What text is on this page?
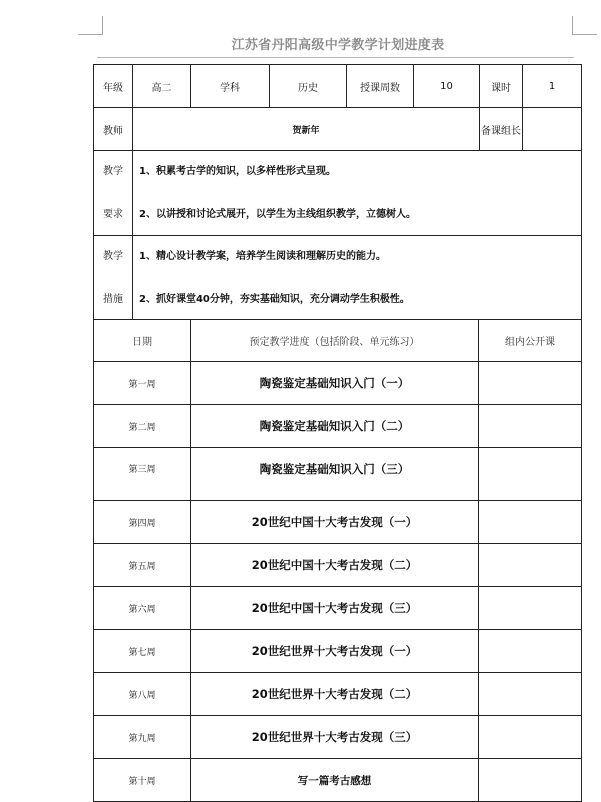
江苏省丹阳高级中学教学计划进度表
年级	高二	学科	历史	授课周数	10	课时	1
教师	贺新年					备课组长	

教学
要求	1、积累考古学的知识，以多样性形式呈现。
2、以讲授和讨论式展开，以学生为主线组织教学，立德树人。						

教学
措施	1、精心设计教学案，培养学生阅读和理解历史的能力。
2、抓好课堂40分钟，夯实基础知识，充分调动学生积极性。						
日期	预定教学进度（包括阶段、单元练习）	组内公开课
第一周	陶瓷鉴定基础知识入门（一）	
第二周	陶瓷鉴定基础知识入门（二）	
第三周	陶瓷鉴定基础知识入门（三）	
第四周	20世纪中国十大考古发现（一）	
第五周	20世纪中国十大考古发现（二）	
第六周	20世纪中国十大考古发现（三）	
第七周	20世纪世界十大考古发现（一）	
第八周	20世纪世界十大考古发现（二）	
第九周	20世纪世界十大考古发现（三）	
第十周	写一篇考古感想	
